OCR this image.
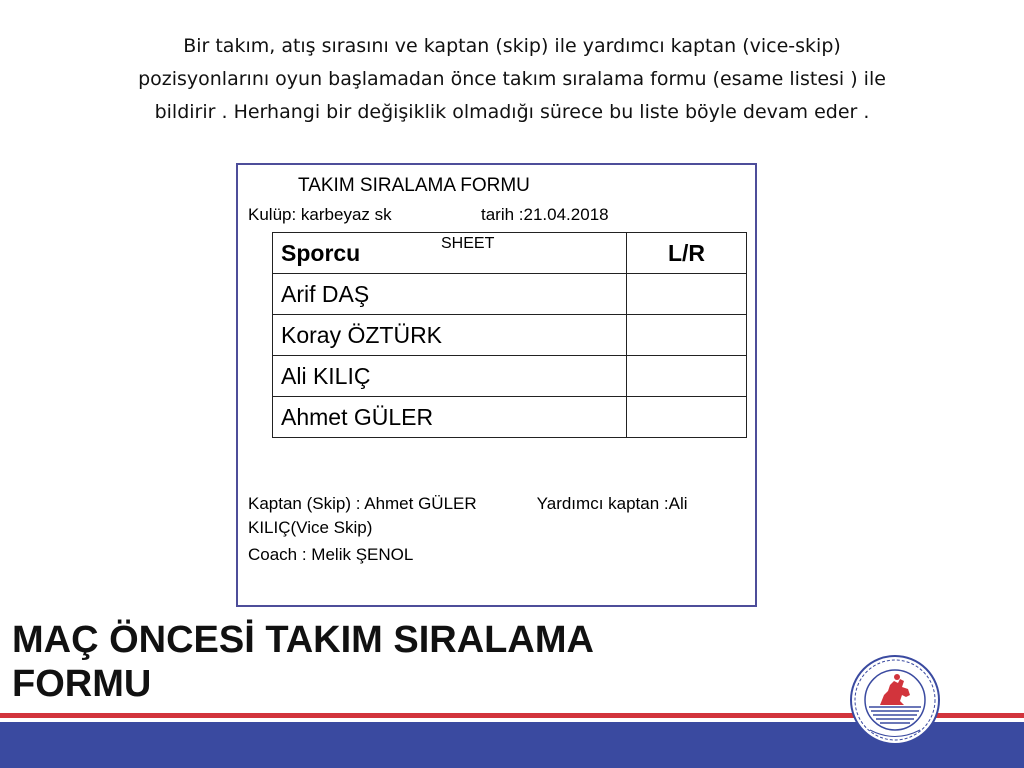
Bir takım, atış sırasını ve kaptan (skip) ile yardımcı kaptan (vice-skip)
pozisyonlarını oyun başlamadan önce takım sıralama formu (esame listesi ) ile
bildirir . Herhangi bir değişiklik olmadığı sürece bu liste böyle devam eder .
TAKIM SIRALAMA FORMU
Kulüp: karbeyaz sk	tarih :21.04.2018
SHEET
Sporcu	L/R
Arif DAŞ	
Koray ÖZTÜRK	
Ali KILIÇ	
Ahmet GÜLER	
Kaptan (Skip) : Ahmet GÜLER	Yardımcı kaptan :Ali KILIÇ(Vice Skip)
Coach : Melik ŞENOL
MAÇ ÖNCESİ TAKIM SIRALAMA
FORMU
